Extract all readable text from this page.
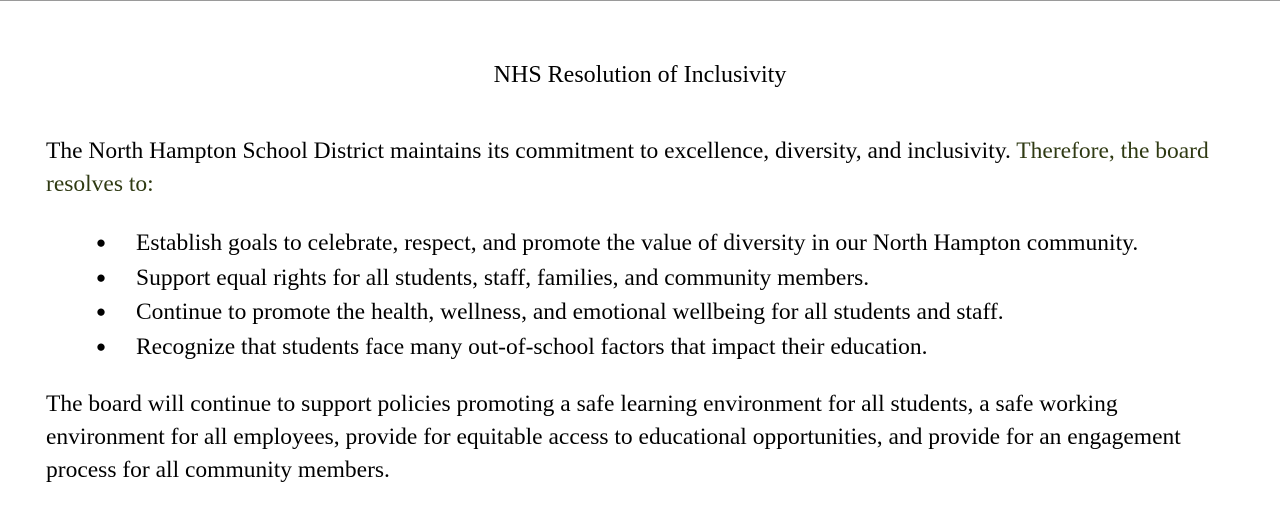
NHS Resolution of Inclusivity

The North Hampton School District maintains its commitment to excellence, diversity, and inclusivity. Therefore, the board resolves to:

● Establish goals to celebrate, respect, and promote the value of diversity in our North Hampton community.
● Support equal rights for all students, staff, families, and community members.
● Continue to promote the health, wellness, and emotional wellbeing for all students and staff.
● Recognize that students face many out-of-school factors that impact their education.

The board will continue to support policies promoting a safe learning environment for all students, a safe working environment for all employees, provide for equitable access to educational opportunities, and provide for an engagement process for all community members.
